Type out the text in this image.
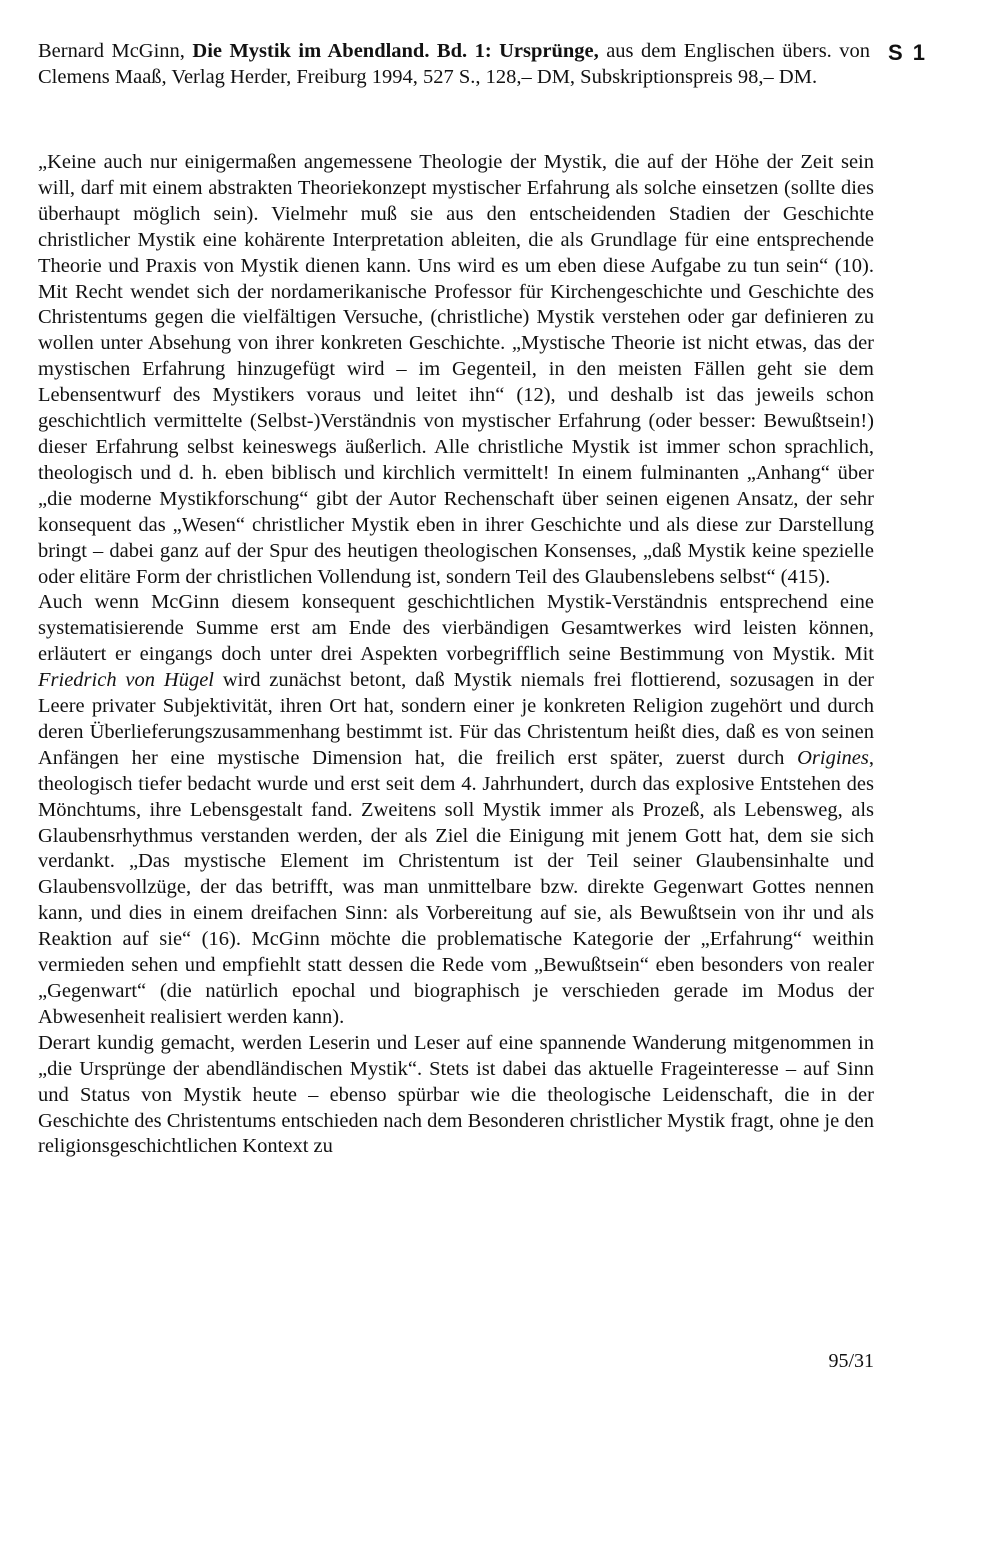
Bernard McGinn, Die Mystik im Abendland. Bd. 1: Ursprünge, aus dem Englischen übers. von Clemens Maaß, Verlag Herder, Freiburg 1994, 527 S., 128,– DM, Subskriptionspreis 98,– DM.
S 1

„Keine auch nur einigermaßen angemessene Theologie der Mystik, die auf der Höhe der Zeit sein will, darf mit einem abstrakten Theoriekonzept mystischer Erfahrung als solche einsetzen (sollte dies überhaupt möglich sein). Vielmehr muß sie aus den entscheidenden Stadien der Geschichte christlicher Mystik eine kohärente Interpretation ableiten, die als Grundlage für eine entsprechende Theorie und Praxis von Mystik dienen kann. Uns wird es um eben diese Aufgabe zu tun sein“ (10). Mit Recht wendet sich der nordamerikanische Professor für Kirchengeschichte und Geschichte des Christentums gegen die vielfältigen Versuche, (christliche) Mystik verstehen oder gar definieren zu wollen unter Absehung von ihrer konkreten Geschichte. „Mystische Theorie ist nicht etwas, das der mystischen Erfahrung hinzugefügt wird – im Gegenteil, in den meisten Fällen geht sie dem Lebensentwurf des Mystikers voraus und leitet ihn“ (12), und deshalb ist das jeweils schon geschichtlich vermittelte (Selbst-)Verständnis von mystischer Erfahrung (oder besser: Bewußtsein!) dieser Erfahrung selbst keineswegs äußerlich. Alle christliche Mystik ist immer schon sprachlich, theologisch und d. h. eben biblisch und kirchlich vermittelt! In einem fulminanten „Anhang“ über „die moderne Mystikforschung“ gibt der Autor Rechenschaft über seinen eigenen Ansatz, der sehr konsequent das „Wesen“ christlicher Mystik eben in ihrer Geschichte und als diese zur Darstellung bringt – dabei ganz auf der Spur des heutigen theologischen Konsenses, „daß Mystik keine spezielle oder elitäre Form der christlichen Vollendung ist, sondern Teil des Glaubenslebens selbst“ (415).

Auch wenn McGinn diesem konsequent geschichtlichen Mystik-Verständnis entsprechend eine systematisierende Summe erst am Ende des vierbändigen Gesamtwerkes wird leisten können, erläutert er eingangs doch unter drei Aspekten vorbegrifflich seine Bestimmung von Mystik. Mit Friedrich von Hügel wird zunächst betont, daß Mystik niemals frei flottierend, sozusagen in der Leere privater Subjektivität, ihren Ort hat, sondern einer je konkreten Religion zugehört und durch deren Überlieferungszusammenhang bestimmt ist. Für das Christentum heißt dies, daß es von seinen Anfängen her eine mystische Dimension hat, die freilich erst später, zuerst durch Origines, theologisch tiefer bedacht wurde und erst seit dem 4. Jahrhundert, durch das explosive Entstehen des Mönchtums, ihre Lebensgestalt fand. Zweitens soll Mystik immer als Prozeß, als Lebensweg, als Glaubensrhythmus verstanden werden, der als Ziel die Einigung mit jenem Gott hat, dem sie sich verdankt. „Das mystische Element im Christentum ist der Teil seiner Glaubensinhalte und Glaubensvollzüge, der das betrifft, was man unmittelbare bzw. direkte Gegenwart Gottes nennen kann, und dies in einem dreifachen Sinn: als Vorbereitung auf sie, als Bewußtsein von ihr und als Reaktion auf sie“ (16). McGinn möchte die problematische Kategorie der „Erfahrung“ weithin vermieden sehen und empfiehlt statt dessen die Rede vom „Bewußtsein“ eben besonders von realer „Gegenwart“ (die natürlich epochal und biographisch je verschieden gerade im Modus der Abwesenheit realisiert werden kann).

Derart kundig gemacht, werden Leserin und Leser auf eine spannende Wanderung mitgenommen in „die Ursprünge der abendländischen Mystik“. Stets ist dabei das aktuelle Frageinteresse – auf Sinn und Status von Mystik heute – ebenso spürbar wie die theologische Leidenschaft, die in der Geschichte des Christentums entschieden nach dem Besonderen christlicher Mystik fragt, ohne je den religionsgeschichtlichen Kontext zu

95/31
